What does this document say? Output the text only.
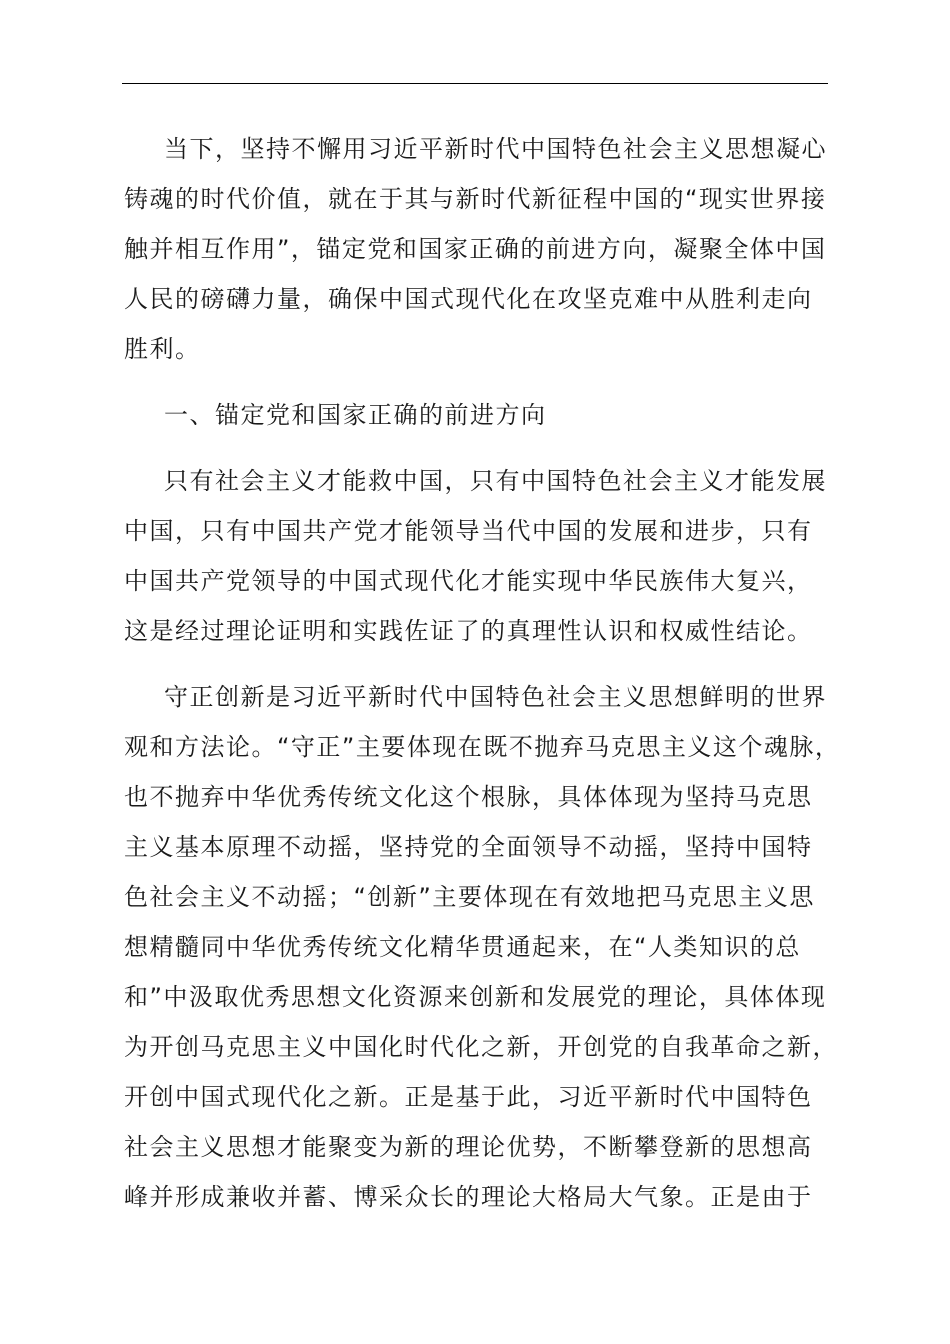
当下，坚持不懈用习近平新时代中国特色社会主义思想凝心
铸魂的时代价值，就在于其与新时代新征程中国的“现实世界接
触并相互作用”，锚定党和国家正确的前进方向，凝聚全体中国
人民的磅礴力量，确保中国式现代化在攻坚克难中从胜利走向
胜利。
一、锚定党和国家正确的前进方向
只有社会主义才能救中国，只有中国特色社会主义才能发展
中国，只有中国共产党才能领导当代中国的发展和进步，只有
中国共产党领导的中国式现代化才能实现中华民族伟大复兴，
这是经过理论证明和实践佐证了的真理性认识和权威性结论。
守正创新是习近平新时代中国特色社会主义思想鲜明的世界
观和方法论。“守正”主要体现在既不抛弃马克思主义这个魂脉，
也不抛弃中华优秀传统文化这个根脉，具体体现为坚持马克思
主义基本原理不动摇，坚持党的全面领导不动摇，坚持中国特
色社会主义不动摇；“创新”主要体现在有效地把马克思主义思
想精髓同中华优秀传统文化精华贯通起来，在“人类知识的总
和”中汲取优秀思想文化资源来创新和发展党的理论，具体体现
为开创马克思主义中国化时代化之新，开创党的自我革命之新，
开创中国式现代化之新。正是基于此，习近平新时代中国特色
社会主义思想才能聚变为新的理论优势，不断攀登新的思想高
峰并形成兼收并蓄、博采众长的理论大格局大气象。正是由于
